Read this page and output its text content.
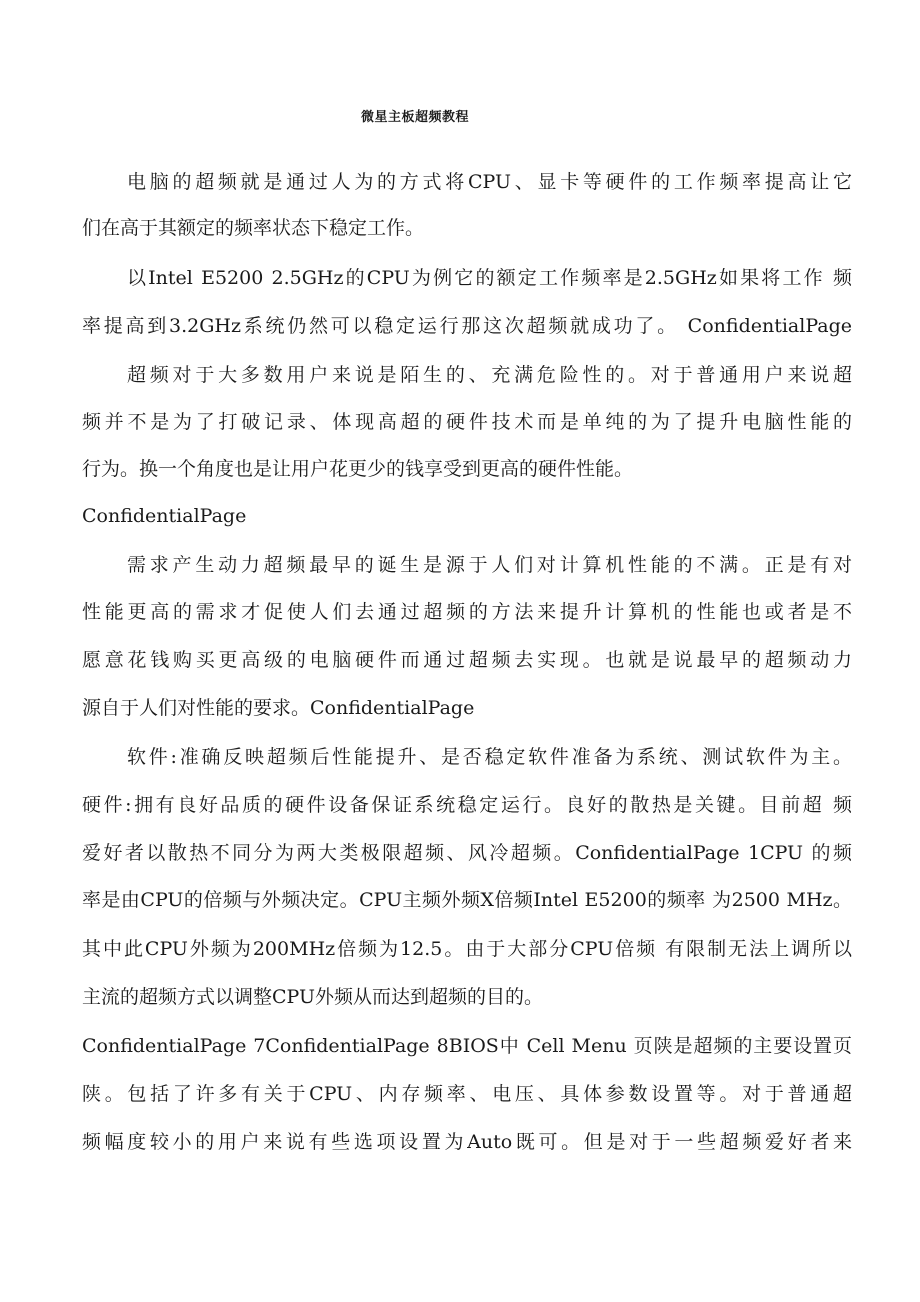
微星主板超频教程
电脑的超频就是通过人为的方式将CPU、显卡等硬件的工作频率提高让它
们在高于其额定的频率状态下稳定工作。
以Intel E5200 2.5GHz的CPU为例它的额定工作频率是2.5GHz如果将工作 频
率提高到3.2GHz系统仍然可以稳定运行那这次超频就成功了。 ConfidentialPage
超频对于大多数用户来说是陌生的、充满危险性的。对于普通用户来说超
频并不是为了打破记录、体现高超的硬件技术而是单纯的为了提升电脑性能的
行为。换一个角度也是让用户花更少的钱享受到更高的硬件性能。
ConfidentialPage
需求产生动力超频最早的诞生是源于人们对计算机性能的不满。正是有对
性能更高的需求才促使人们去通过超频的方法来提升计算机的性能也或者是不
愿意花钱购买更高级的电脑硬件而通过超频去实现。也就是说最早的超频动力
源自于人们对性能的要求。ConfidentialPage
软件:准确反映超频后性能提升、是否稳定软件准备为系统、测试软件为主。
硬件:拥有良好品质的硬件设备保证系统稳定运行。良好的散热是关键。目前超 频
爱好者以散热不同分为两大类极限超频、风冷超频。ConfidentialPage 1CPU 的频
率是由CPU的倍频与外频决定。CPU主频外频X倍频Intel E5200的频率 为2500 MHz。
其中此CPU外频为200MHz倍频为12.5。由于大部分CPU倍频 有限制无法上调所以
主流的超频方式以调整CPU外频从而达到超频的目的。
ConfidentialPage 7ConfidentialPage 8BIOS中 Cell Menu 页陕是超频的主要设置页
陕。包括了许多有关于CPU、内存频率、电压、具体参数设置等。对于普通超
频幅度较小的用户来说有些选项设置为Auto既可。但是对于一些超频爱好者来
